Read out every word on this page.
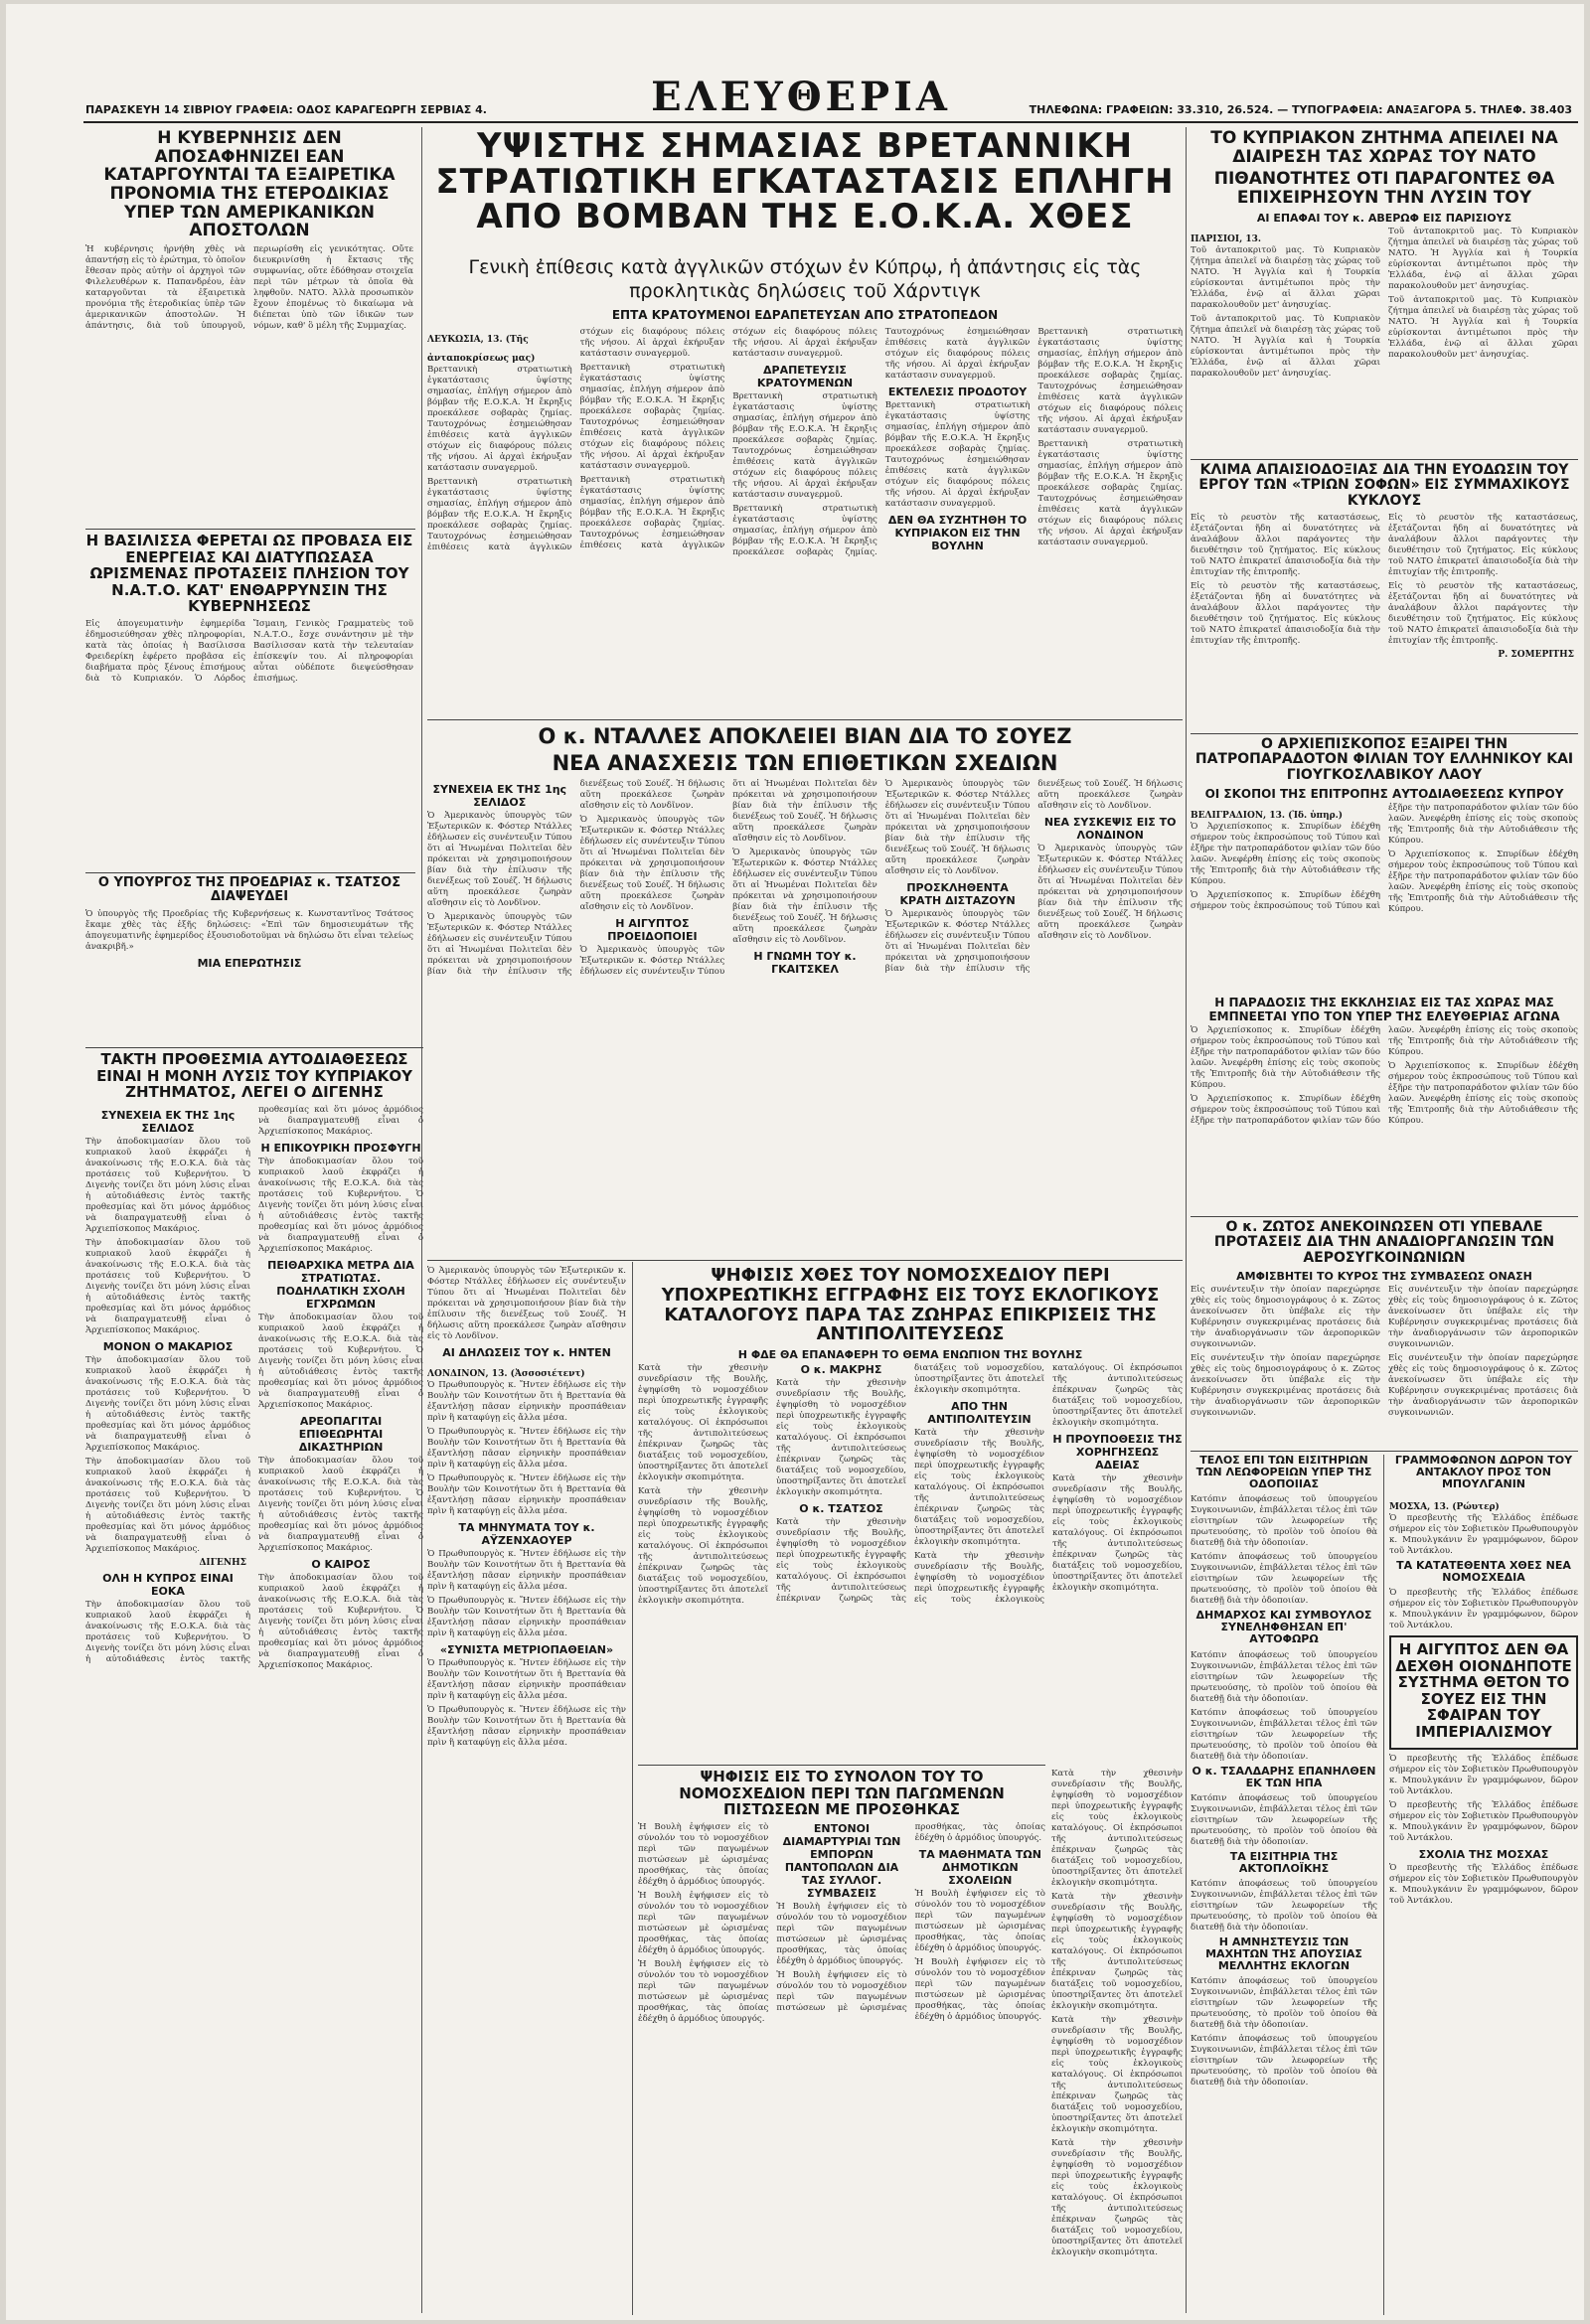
ΕΛΕΥΘΕΡΙΑ
ΠΑΡΑΣΚΕΥΗ 14 ΣΙΒΡΙΟΥ ΓΡΑΦΕΙΑ: ΟΔΟΣ ΚΑΡΑΓΕΩΡΓΗ ΣΕΡΒΙΑΣ 4.	ΤΗΛΕΦΩΝΑ: ΓΡΑΦΕΙΩΝ: 33.310, 26.524. — ΤΥΠΟΓΡΑΦΕΙΑ: ΑΝΑΞΑΓΟΡΑ 5. ΤΗΛΕΦ. 38.403
Η ΚΥΒΕΡΝΗΣΙΣ ΔΕΝ ΑΠΟΣΑΦΗΝΙΖΕΙ ΕΑΝ ΚΑΤΑΡΓΟΥΝΤΑΙ ΤΑ ΕΞΑΙΡΕΤΙΚΑ ΠΡΟΝΟΜΙΑ ΤΗΣ ΕΤΕΡΟΔΙΚΙΑΣ ΥΠΕΡ ΤΩΝ ΑΜΕΡΙΚΑΝΙΚΩΝ ΑΠΟΣΤΟΛΩΝ

Ἡ κυβέρνησις ἠρνήθη χθὲς νὰ ἀπαντήσῃ εἰς τὸ ἐρώτημα, τὸ ὁποῖον ἔθεσαν πρὸς αὐτὴν οἱ ἀρχηγοὶ τῶν Φιλελευθέρων κ. Παπανδρέου, ἐὰν καταργοῦνται τὰ ἐξαιρετικὰ προνόμια τῆς ἑτεροδικίας ὑπὲρ τῶν ἀμερικανικῶν ἀποστολῶν. Ἡ ἀπάντησις, διὰ τοῦ ὑπουργοῦ, περιωρίσθη εἰς γενικότητας. Οὔτε διευκρινίσθη ἡ ἔκτασις τῆς συμφωνίας, οὔτε ἐδόθησαν στοιχεῖα περὶ τῶν μέτρων τὰ ὁποῖα θὰ ληφθοῦν. ΝΑΤΟ. Ἀλλὰ προσωπικὸν ἔχουν ἐπομένως τὸ δικαίωμα νὰ διέπεται ὑπὸ τῶν ἰδικῶν των νόμων, καθ' ὃ μέλη τῆς Συμμαχίας.

Η ΒΑΣΙΛΙΣΣΑ ΦΕΡΕΤΑΙ ΩΣ ΠΡΟΒΑΣΑ ΕΙΣ ΕΝΕΡΓΕΙΑΣ ΚΑΙ ΔΙΑΤΥΠΩΣΑΣΑ ΩΡΙΣΜΕΝΑΣ ΠΡΟΤΑΣΕΙΣ ΠΛΗΣΙΟΝ ΤΟΥ Ν.Α.Τ.Ο. ΚΑΤ' ΕΝΘΑΡΡΥΝΣΙΝ ΤΗΣ ΚΥΒΕΡΝΗΣΕΩΣ

Εἰς ἀπογευματινὴν ἐφημερίδα ἐδημοσιεύθησαν χθὲς πληροφορίαι, κατὰ τὰς ὁποίας ἡ Βασίλισσα Φρειδερίκη ἐφέρετο προβᾶσα εἰς διαβήματα πρὸς ξένους ἐπισήμους διὰ τὸ Κυπριακόν. Ὁ Λόρδος Ἴσμαιη, Γενικὸς Γραμματεὺς τοῦ Ν.Α.Τ.Ο., ἔσχε συνάντησιν μὲ τὴν Βασίλισσαν κατὰ τὴν τελευταίαν ἐπίσκεψίν του. Αἱ πληροφορίαι αὗται οὐδέποτε διεψεύσθησαν ἐπισήμως.

Ο ΥΠΟΥΡΓΟΣ ΤΗΣ ΠΡΟΕΔΡΙΑΣ κ. ΤΣΑΤΣΟΣ ΔΙΑΨΕΥΔΕΙ

Ὁ ὑπουργὸς τῆς Προεδρίας τῆς Κυβερνήσεως κ. Κωνσταντῖνος Τσάτσος ἔκαμε χθὲς τὰς ἑξῆς δηλώσεις: «Ἐπὶ τῶν δημοσιευμάτων τῆς ἀπογευματινῆς ἐφημερίδος ἐξουσιοδοτοῦμαι νὰ δηλώσω ὅτι εἶναι τελείως ἀνακριβῆ.»

ΜΙΑ ΕΠΕΡΩΤΗΣΙΣ
ΤΑΚΤΗ ΠΡΟΘΕΣΜΙΑ ΑΥΤΟΔΙΑΘΕΣΕΩΣ ΕΙΝΑΙ Η ΜΟΝΗ ΛΥΣΙΣ ΤΟΥ ΚΥΠΡΙΑΚΟΥ ΖΗΤΗΜΑΤΟΣ, ΛΕΓΕΙ Ο ΔΙΓΕΝΗΣ
ΣΥΝΕΧΕΙΑ ΕΚ ΤΗΣ 1ης ΣΕΛΙΔΟΣ

Τὴν ἀποδοκιμασίαν ὅλου τοῦ κυπριακοῦ λαοῦ ἐκφράζει ἡ ἀνακοίνωσις τῆς Ε.Ο.Κ.Α. διὰ τὰς προτάσεις τοῦ Κυβερνήτου. Ὁ Διγενὴς τονίζει ὅτι μόνη λύσις εἶναι ἡ αὐτοδιάθεσις ἐντὸς τακτῆς προθεσμίας καὶ ὅτι μόνος ἁρμόδιος νὰ διαπραγματευθῇ εἶναι ὁ Ἀρχιεπίσκοπος Μακάριος.

Τὴν ἀποδοκιμασίαν ὅλου τοῦ κυπριακοῦ λαοῦ ἐκφράζει ἡ ἀνακοίνωσις τῆς Ε.Ο.Κ.Α. διὰ τὰς προτάσεις τοῦ Κυβερνήτου. Ὁ Διγενὴς τονίζει ὅτι μόνη λύσις εἶναι ἡ αὐτοδιάθεσις ἐντὸς τακτῆς προθεσμίας καὶ ὅτι μόνος ἁρμόδιος νὰ διαπραγματευθῇ εἶναι ὁ Ἀρχιεπίσκοπος Μακάριος.

ΜΟΝΟΝ Ο ΜΑΚΑΡΙΟΣ

Τὴν ἀποδοκιμασίαν ὅλου τοῦ κυπριακοῦ λαοῦ ἐκφράζει ἡ ἀνακοίνωσις τῆς Ε.Ο.Κ.Α. διὰ τὰς προτάσεις τοῦ Κυβερνήτου. Ὁ Διγενὴς τονίζει ὅτι μόνη λύσις εἶναι ἡ αὐτοδιάθεσις ἐντὸς τακτῆς προθεσμίας καὶ ὅτι μόνος ἁρμόδιος νὰ διαπραγματευθῇ εἶναι ὁ Ἀρχιεπίσκοπος Μακάριος.

Τὴν ἀποδοκιμασίαν ὅλου τοῦ κυπριακοῦ λαοῦ ἐκφράζει ἡ ἀνακοίνωσις τῆς Ε.Ο.Κ.Α. διὰ τὰς προτάσεις τοῦ Κυβερνήτου. Ὁ Διγενὴς τονίζει ὅτι μόνη λύσις εἶναι ἡ αὐτοδιάθεσις ἐντὸς τακτῆς προθεσμίας καὶ ὅτι μόνος ἁρμόδιος νὰ διαπραγματευθῇ εἶναι ὁ Ἀρχιεπίσκοπος Μακάριος.

ΔΙΓΕΝΗΣ
ΟΛΗ Η ΚΥΠΡΟΣ ΕΙΝΑΙ ΕΟΚΑ

Τὴν ἀποδοκιμασίαν ὅλου τοῦ κυπριακοῦ λαοῦ ἐκφράζει ἡ ἀνακοίνωσις τῆς Ε.Ο.Κ.Α. διὰ τὰς προτάσεις τοῦ Κυβερνήτου. Ὁ Διγενὴς τονίζει ὅτι μόνη λύσις εἶναι ἡ αὐτοδιάθεσις ἐντὸς τακτῆς προθεσμίας καὶ ὅτι μόνος ἁρμόδιος νὰ διαπραγματευθῇ εἶναι ὁ Ἀρχιεπίσκοπος Μακάριος.

Η ΕΠΙΚΟΥΡΙΚΗ ΠΡΟΣΦΥΓΗ

Τὴν ἀποδοκιμασίαν ὅλου τοῦ κυπριακοῦ λαοῦ ἐκφράζει ἡ ἀνακοίνωσις τῆς Ε.Ο.Κ.Α. διὰ τὰς προτάσεις τοῦ Κυβερνήτου. Ὁ Διγενὴς τονίζει ὅτι μόνη λύσις εἶναι ἡ αὐτοδιάθεσις ἐντὸς τακτῆς προθεσμίας καὶ ὅτι μόνος ἁρμόδιος νὰ διαπραγματευθῇ εἶναι ὁ Ἀρχιεπίσκοπος Μακάριος.

ΠΕΙΘΑΡΧΙΚΑ ΜΕΤΡΑ ΔΙΑ ΣΤΡΑΤΙΩΤΑΣ. ΠΟΔΗΛΑΤΙΚΗ ΣΧΟΛΗ ΕΓΧΡΩΜΩΝ

Τὴν ἀποδοκιμασίαν ὅλου τοῦ κυπριακοῦ λαοῦ ἐκφράζει ἡ ἀνακοίνωσις τῆς Ε.Ο.Κ.Α. διὰ τὰς προτάσεις τοῦ Κυβερνήτου. Ὁ Διγενὴς τονίζει ὅτι μόνη λύσις εἶναι ἡ αὐτοδιάθεσις ἐντὸς τακτῆς προθεσμίας καὶ ὅτι μόνος ἁρμόδιος νὰ διαπραγματευθῇ εἶναι ὁ Ἀρχιεπίσκοπος Μακάριος.

ΑΡΕΟΠΑΓΙΤΑΙ ΕΠΙΘΕΩΡΗΤΑΙ ΔΙΚΑΣΤΗΡΙΩΝ

Τὴν ἀποδοκιμασίαν ὅλου τοῦ κυπριακοῦ λαοῦ ἐκφράζει ἡ ἀνακοίνωσις τῆς Ε.Ο.Κ.Α. διὰ τὰς προτάσεις τοῦ Κυβερνήτου. Ὁ Διγενὴς τονίζει ὅτι μόνη λύσις εἶναι ἡ αὐτοδιάθεσις ἐντὸς τακτῆς προθεσμίας καὶ ὅτι μόνος ἁρμόδιος νὰ διαπραγματευθῇ εἶναι ὁ Ἀρχιεπίσκοπος Μακάριος.

Ο ΚΑΙΡΟΣ

Τὴν ἀποδοκιμασίαν ὅλου τοῦ κυπριακοῦ λαοῦ ἐκφράζει ἡ ἀνακοίνωσις τῆς Ε.Ο.Κ.Α. διὰ τὰς προτάσεις τοῦ Κυβερνήτου. Ὁ Διγενὴς τονίζει ὅτι μόνη λύσις εἶναι ἡ αὐτοδιάθεσις ἐντὸς τακτῆς προθεσμίας καὶ ὅτι μόνος ἁρμόδιος νὰ διαπραγματευθῇ εἶναι ὁ Ἀρχιεπίσκοπος Μακάριος.

ΥΨΙΣΤΗΣ ΣΗΜΑΣΙΑΣ ΒΡΕΤΑΝΝΙΚΗ ΣΤΡΑΤΙΩΤΙΚΗ ΕΓΚΑΤΑΣΤΑΣΙΣ ΕΠΛΗΓΗ ΑΠΟ ΒΟΜΒΑΝ ΤΗΣ Ε.Ο.Κ.Α. ΧΘΕΣ
Γενικὴ ἐπίθεσις κατὰ ἀγγλικῶν στόχων ἐν Κύπρῳ, ἡ ἀπάντησις εἰς τὰς προκλητικὰς δηλώσεις τοῦ Χάρντιγκ
ΕΠΤΑ ΚΡΑΤΟΥΜΕΝΟΙ ΕΔΡΑΠΕΤΕΥΣΑΝ ΑΠΟ ΣΤΡΑΤΟΠΕΔΟΝ
ΛΕΥΚΩΣΙΑ, 13. (Τῆς ἀνταποκρίσεως μας)

Βρεττανικὴ στρατιωτικὴ ἐγκατάστασις ὑψίστης σημασίας, ἐπλήγη σήμερον ἀπὸ βόμβαν τῆς Ε.Ο.Κ.Α. Ἡ ἔκρηξις προεκάλεσε σοβαρὰς ζημίας. Ταυτοχρόνως ἐσημειώθησαν ἐπιθέσεις κατὰ ἀγγλικῶν στόχων εἰς διαφόρους πόλεις τῆς νήσου. Αἱ ἀρχαὶ ἐκήρυξαν κατάστασιν συναγερμοῦ.

Βρεττανικὴ στρατιωτικὴ ἐγκατάστασις ὑψίστης σημασίας, ἐπλήγη σήμερον ἀπὸ βόμβαν τῆς Ε.Ο.Κ.Α. Ἡ ἔκρηξις προεκάλεσε σοβαρὰς ζημίας. Ταυτοχρόνως ἐσημειώθησαν ἐπιθέσεις κατὰ ἀγγλικῶν στόχων εἰς διαφόρους πόλεις τῆς νήσου. Αἱ ἀρχαὶ ἐκήρυξαν κατάστασιν συναγερμοῦ.

Βρεττανικὴ στρατιωτικὴ ἐγκατάστασις ὑψίστης σημασίας, ἐπλήγη σήμερον ἀπὸ βόμβαν τῆς Ε.Ο.Κ.Α. Ἡ ἔκρηξις προεκάλεσε σοβαρὰς ζημίας. Ταυτοχρόνως ἐσημειώθησαν ἐπιθέσεις κατὰ ἀγγλικῶν στόχων εἰς διαφόρους πόλεις τῆς νήσου. Αἱ ἀρχαὶ ἐκήρυξαν κατάστασιν συναγερμοῦ.

Βρεττανικὴ στρατιωτικὴ ἐγκατάστασις ὑψίστης σημασίας, ἐπλήγη σήμερον ἀπὸ βόμβαν τῆς Ε.Ο.Κ.Α. Ἡ ἔκρηξις προεκάλεσε σοβαρὰς ζημίας. Ταυτοχρόνως ἐσημειώθησαν ἐπιθέσεις κατὰ ἀγγλικῶν στόχων εἰς διαφόρους πόλεις τῆς νήσου. Αἱ ἀρχαὶ ἐκήρυξαν κατάστασιν συναγερμοῦ.

ΔΡΑΠΕΤΕΥΣΙΣ ΚΡΑΤΟΥΜΕΝΩΝ

Βρεττανικὴ στρατιωτικὴ ἐγκατάστασις ὑψίστης σημασίας, ἐπλήγη σήμερον ἀπὸ βόμβαν τῆς Ε.Ο.Κ.Α. Ἡ ἔκρηξις προεκάλεσε σοβαρὰς ζημίας. Ταυτοχρόνως ἐσημειώθησαν ἐπιθέσεις κατὰ ἀγγλικῶν στόχων εἰς διαφόρους πόλεις τῆς νήσου. Αἱ ἀρχαὶ ἐκήρυξαν κατάστασιν συναγερμοῦ.

Βρεττανικὴ στρατιωτικὴ ἐγκατάστασις ὑψίστης σημασίας, ἐπλήγη σήμερον ἀπὸ βόμβαν τῆς Ε.Ο.Κ.Α. Ἡ ἔκρηξις προεκάλεσε σοβαρὰς ζημίας. Ταυτοχρόνως ἐσημειώθησαν ἐπιθέσεις κατὰ ἀγγλικῶν στόχων εἰς διαφόρους πόλεις τῆς νήσου. Αἱ ἀρχαὶ ἐκήρυξαν κατάστασιν συναγερμοῦ.

ΕΚΤΕΛΕΣΙΣ ΠΡΟΔΟΤΟΥ

Βρεττανικὴ στρατιωτικὴ ἐγκατάστασις ὑψίστης σημασίας, ἐπλήγη σήμερον ἀπὸ βόμβαν τῆς Ε.Ο.Κ.Α. Ἡ ἔκρηξις προεκάλεσε σοβαρὰς ζημίας. Ταυτοχρόνως ἐσημειώθησαν ἐπιθέσεις κατὰ ἀγγλικῶν στόχων εἰς διαφόρους πόλεις τῆς νήσου. Αἱ ἀρχαὶ ἐκήρυξαν κατάστασιν συναγερμοῦ.

ΔΕΝ ΘΑ ΣΥΖΗΤΗΘΗ ΤΟ ΚΥΠΡΙΑΚΟΝ ΕΙΣ ΤΗΝ ΒΟΥΛΗΝ

Βρεττανικὴ στρατιωτικὴ ἐγκατάστασις ὑψίστης σημασίας, ἐπλήγη σήμερον ἀπὸ βόμβαν τῆς Ε.Ο.Κ.Α. Ἡ ἔκρηξις προεκάλεσε σοβαρὰς ζημίας. Ταυτοχρόνως ἐσημειώθησαν ἐπιθέσεις κατὰ ἀγγλικῶν στόχων εἰς διαφόρους πόλεις τῆς νήσου. Αἱ ἀρχαὶ ἐκήρυξαν κατάστασιν συναγερμοῦ.

Βρεττανικὴ στρατιωτικὴ ἐγκατάστασις ὑψίστης σημασίας, ἐπλήγη σήμερον ἀπὸ βόμβαν τῆς Ε.Ο.Κ.Α. Ἡ ἔκρηξις προεκάλεσε σοβαρὰς ζημίας. Ταυτοχρόνως ἐσημειώθησαν ἐπιθέσεις κατὰ ἀγγλικῶν στόχων εἰς διαφόρους πόλεις τῆς νήσου. Αἱ ἀρχαὶ ἐκήρυξαν κατάστασιν συναγερμοῦ.

Ο κ. ΝΤΑΛΛΕΣ ΑΠΟΚΛΕΙΕΙ ΒΙΑΝ ΔΙΑ ΤΟ ΣΟΥΕΖ
ΝΕΑ ΑΝΑΣΧΕΣΙΣ ΤΩΝ ΕΠΙΘΕΤΙΚΩΝ ΣΧΕΔΙΩΝ
ΣΥΝΕΧΕΙΑ ΕΚ ΤΗΣ 1ης ΣΕΛΙΔΟΣ

Ὁ Ἀμερικανὸς ὑπουργὸς τῶν Ἐξωτερικῶν κ. Φόστερ Ντάλλες ἐδήλωσεν εἰς συνέντευξιν Τύπου ὅτι αἱ Ἡνωμέναι Πολιτεῖαι δὲν πρόκειται νὰ χρησιμοποιήσουν βίαν διὰ τὴν ἐπίλυσιν τῆς διενέξεως τοῦ Σουέζ. Ἡ δήλωσις αὕτη προεκάλεσε ζωηρὰν αἴσθησιν εἰς τὸ Λονδῖνον.

Ὁ Ἀμερικανὸς ὑπουργὸς τῶν Ἐξωτερικῶν κ. Φόστερ Ντάλλες ἐδήλωσεν εἰς συνέντευξιν Τύπου ὅτι αἱ Ἡνωμέναι Πολιτεῖαι δὲν πρόκειται νὰ χρησιμοποιήσουν βίαν διὰ τὴν ἐπίλυσιν τῆς διενέξεως τοῦ Σουέζ. Ἡ δήλωσις αὕτη προεκάλεσε ζωηρὰν αἴσθησιν εἰς τὸ Λονδῖνον.

Ὁ Ἀμερικανὸς ὑπουργὸς τῶν Ἐξωτερικῶν κ. Φόστερ Ντάλλες ἐδήλωσεν εἰς συνέντευξιν Τύπου ὅτι αἱ Ἡνωμέναι Πολιτεῖαι δὲν πρόκειται νὰ χρησιμοποιήσουν βίαν διὰ τὴν ἐπίλυσιν τῆς διενέξεως τοῦ Σουέζ. Ἡ δήλωσις αὕτη προεκάλεσε ζωηρὰν αἴσθησιν εἰς τὸ Λονδῖνον.

Η ΑΙΓΥΠΤΟΣ ΠΡΟΕΙΔΟΠΟΙΕΙ

Ὁ Ἀμερικανὸς ὑπουργὸς τῶν Ἐξωτερικῶν κ. Φόστερ Ντάλλες ἐδήλωσεν εἰς συνέντευξιν Τύπου ὅτι αἱ Ἡνωμέναι Πολιτεῖαι δὲν πρόκειται νὰ χρησιμοποιήσουν βίαν διὰ τὴν ἐπίλυσιν τῆς διενέξεως τοῦ Σουέζ. Ἡ δήλωσις αὕτη προεκάλεσε ζωηρὰν αἴσθησιν εἰς τὸ Λονδῖνον.

Ὁ Ἀμερικανὸς ὑπουργὸς τῶν Ἐξωτερικῶν κ. Φόστερ Ντάλλες ἐδήλωσεν εἰς συνέντευξιν Τύπου ὅτι αἱ Ἡνωμέναι Πολιτεῖαι δὲν πρόκειται νὰ χρησιμοποιήσουν βίαν διὰ τὴν ἐπίλυσιν τῆς διενέξεως τοῦ Σουέζ. Ἡ δήλωσις αὕτη προεκάλεσε ζωηρὰν αἴσθησιν εἰς τὸ Λονδῖνον.

Η ΓΝΩΜΗ ΤΟΥ κ. ΓΚΑΙΤΣΚΕΛ

Ὁ Ἀμερικανὸς ὑπουργὸς τῶν Ἐξωτερικῶν κ. Φόστερ Ντάλλες ἐδήλωσεν εἰς συνέντευξιν Τύπου ὅτι αἱ Ἡνωμέναι Πολιτεῖαι δὲν πρόκειται νὰ χρησιμοποιήσουν βίαν διὰ τὴν ἐπίλυσιν τῆς διενέξεως τοῦ Σουέζ. Ἡ δήλωσις αὕτη προεκάλεσε ζωηρὰν αἴσθησιν εἰς τὸ Λονδῖνον.

ΠΡΟΣΚΛΗΘΕΝΤΑ ΚΡΑΤΗ ΔΙΣΤΑΖΟΥΝ

Ὁ Ἀμερικανὸς ὑπουργὸς τῶν Ἐξωτερικῶν κ. Φόστερ Ντάλλες ἐδήλωσεν εἰς συνέντευξιν Τύπου ὅτι αἱ Ἡνωμέναι Πολιτεῖαι δὲν πρόκειται νὰ χρησιμοποιήσουν βίαν διὰ τὴν ἐπίλυσιν τῆς διενέξεως τοῦ Σουέζ. Ἡ δήλωσις αὕτη προεκάλεσε ζωηρὰν αἴσθησιν εἰς τὸ Λονδῖνον.

ΝΕΑ ΣΥΣΚΕΨΙΣ ΕΙΣ ΤΟ ΛΟΝΔΙΝΟΝ

Ὁ Ἀμερικανὸς ὑπουργὸς τῶν Ἐξωτερικῶν κ. Φόστερ Ντάλλες ἐδήλωσεν εἰς συνέντευξιν Τύπου ὅτι αἱ Ἡνωμέναι Πολιτεῖαι δὲν πρόκειται νὰ χρησιμοποιήσουν βίαν διὰ τὴν ἐπίλυσιν τῆς διενέξεως τοῦ Σουέζ. Ἡ δήλωσις αὕτη προεκάλεσε ζωηρὰν αἴσθησιν εἰς τὸ Λονδῖνον.

Ὁ Ἀμερικανὸς ὑπουργὸς τῶν Ἐξωτερικῶν κ. Φόστερ Ντάλλες ἐδήλωσεν εἰς συνέντευξιν Τύπου ὅτι αἱ Ἡνωμέναι Πολιτεῖαι δὲν πρόκειται νὰ χρησιμοποιήσουν βίαν διὰ τὴν ἐπίλυσιν τῆς διενέξεως τοῦ Σουέζ. Ἡ δήλωσις αὕτη προεκάλεσε ζωηρὰν αἴσθησιν εἰς τὸ Λονδῖνον.

ΑΙ ΔΗΛΩΣΕΙΣ ΤΟΥ κ. ΗΝΤΕΝ
ΛΟΝΔΙΝΟΝ, 13. (Ἀσσοσιέτεντ)

Ὁ Πρωθυπουργὸς κ. Ἤντεν ἐδήλωσε εἰς τὴν Βουλὴν τῶν Κοινοτήτων ὅτι ἡ Βρεττανία θὰ ἐξαντλήσῃ πᾶσαν εἰρηνικὴν προσπάθειαν πρὶν ἢ καταφύγῃ εἰς ἄλλα μέσα.

Ὁ Πρωθυπουργὸς κ. Ἤντεν ἐδήλωσε εἰς τὴν Βουλὴν τῶν Κοινοτήτων ὅτι ἡ Βρεττανία θὰ ἐξαντλήσῃ πᾶσαν εἰρηνικὴν προσπάθειαν πρὶν ἢ καταφύγῃ εἰς ἄλλα μέσα.

Ὁ Πρωθυπουργὸς κ. Ἤντεν ἐδήλωσε εἰς τὴν Βουλὴν τῶν Κοινοτήτων ὅτι ἡ Βρεττανία θὰ ἐξαντλήσῃ πᾶσαν εἰρηνικὴν προσπάθειαν πρὶν ἢ καταφύγῃ εἰς ἄλλα μέσα.

ΤΑ ΜΗΝΥΜΑΤΑ ΤΟΥ κ. ΑΫΖΕΝΧΑΟΥΕΡ

Ὁ Πρωθυπουργὸς κ. Ἤντεν ἐδήλωσε εἰς τὴν Βουλὴν τῶν Κοινοτήτων ὅτι ἡ Βρεττανία θὰ ἐξαντλήσῃ πᾶσαν εἰρηνικὴν προσπάθειαν πρὶν ἢ καταφύγῃ εἰς ἄλλα μέσα.

Ὁ Πρωθυπουργὸς κ. Ἤντεν ἐδήλωσε εἰς τὴν Βουλὴν τῶν Κοινοτήτων ὅτι ἡ Βρεττανία θὰ ἐξαντλήσῃ πᾶσαν εἰρηνικὴν προσπάθειαν πρὶν ἢ καταφύγῃ εἰς ἄλλα μέσα.

«ΣΥΝΙΣΤΑ ΜΕΤΡΙΟΠΑΘΕΙΑΝ»

Ὁ Πρωθυπουργὸς κ. Ἤντεν ἐδήλωσε εἰς τὴν Βουλὴν τῶν Κοινοτήτων ὅτι ἡ Βρεττανία θὰ ἐξαντλήσῃ πᾶσαν εἰρηνικὴν προσπάθειαν πρὶν ἢ καταφύγῃ εἰς ἄλλα μέσα.

Ὁ Πρωθυπουργὸς κ. Ἤντεν ἐδήλωσε εἰς τὴν Βουλὴν τῶν Κοινοτήτων ὅτι ἡ Βρεττανία θὰ ἐξαντλήσῃ πᾶσαν εἰρηνικὴν προσπάθειαν πρὶν ἢ καταφύγῃ εἰς ἄλλα μέσα.

ΨΗΦΙΣΙΣ ΧΘΕΣ ΤΟΥ ΝΟΜΟΣΧΕΔΙΟΥ ΠΕΡΙ ΥΠΟΧΡΕΩΤΙΚΗΣ ΕΓΓΡΑΦΗΣ ΕΙΣ ΤΟΥΣ ΕΚΛΟΓΙΚΟΥΣ ΚΑΤΑΛΟΓΟΥΣ ΠΑΡΑ ΤΑΣ ΖΩΗΡΑΣ ΕΠΙΚΡΙΣΕΙΣ ΤΗΣ ΑΝΤΙΠΟΛΙΤΕΥΣΕΩΣ
Η ΦΔΕ ΘΑ ΕΠΑΝΑΦΕΡΗ ΤΟ ΘΕΜΑ ΕΝΩΠΙΟΝ ΤΗΣ ΒΟΥΛΗΣ

Κατὰ τὴν χθεσινὴν συνεδρίασιν τῆς Βουλῆς, ἐψηφίσθη τὸ νομοσχέδιον περὶ ὑποχρεωτικῆς ἐγγραφῆς εἰς τοὺς ἐκλογικοὺς καταλόγους. Οἱ ἐκπρόσωποι τῆς ἀντιπολιτεύσεως ἐπέκριναν ζωηρῶς τὰς διατάξεις τοῦ νομοσχεδίου, ὑποστηρίξαντες ὅτι ἀποτελεῖ ἐκλογικὴν σκοπιμότητα.

Κατὰ τὴν χθεσινὴν συνεδρίασιν τῆς Βουλῆς, ἐψηφίσθη τὸ νομοσχέδιον περὶ ὑποχρεωτικῆς ἐγγραφῆς εἰς τοὺς ἐκλογικοὺς καταλόγους. Οἱ ἐκπρόσωποι τῆς ἀντιπολιτεύσεως ἐπέκριναν ζωηρῶς τὰς διατάξεις τοῦ νομοσχεδίου, ὑποστηρίξαντες ὅτι ἀποτελεῖ ἐκλογικὴν σκοπιμότητα.

Ο κ. ΜΑΚΡΗΣ

Κατὰ τὴν χθεσινὴν συνεδρίασιν τῆς Βουλῆς, ἐψηφίσθη τὸ νομοσχέδιον περὶ ὑποχρεωτικῆς ἐγγραφῆς εἰς τοὺς ἐκλογικοὺς καταλόγους. Οἱ ἐκπρόσωποι τῆς ἀντιπολιτεύσεως ἐπέκριναν ζωηρῶς τὰς διατάξεις τοῦ νομοσχεδίου, ὑποστηρίξαντες ὅτι ἀποτελεῖ ἐκλογικὴν σκοπιμότητα.

Ο κ. ΤΣΑΤΣΟΣ

Κατὰ τὴν χθεσινὴν συνεδρίασιν τῆς Βουλῆς, ἐψηφίσθη τὸ νομοσχέδιον περὶ ὑποχρεωτικῆς ἐγγραφῆς εἰς τοὺς ἐκλογικοὺς καταλόγους. Οἱ ἐκπρόσωποι τῆς ἀντιπολιτεύσεως ἐπέκριναν ζωηρῶς τὰς διατάξεις τοῦ νομοσχεδίου, ὑποστηρίξαντες ὅτι ἀποτελεῖ ἐκλογικὴν σκοπιμότητα.

ΑΠΟ ΤΗΝ ΑΝΤΙΠΟΛΙΤΕΥΣΙΝ

Κατὰ τὴν χθεσινὴν συνεδρίασιν τῆς Βουλῆς, ἐψηφίσθη τὸ νομοσχέδιον περὶ ὑποχρεωτικῆς ἐγγραφῆς εἰς τοὺς ἐκλογικοὺς καταλόγους. Οἱ ἐκπρόσωποι τῆς ἀντιπολιτεύσεως ἐπέκριναν ζωηρῶς τὰς διατάξεις τοῦ νομοσχεδίου, ὑποστηρίξαντες ὅτι ἀποτελεῖ ἐκλογικὴν σκοπιμότητα.

Κατὰ τὴν χθεσινὴν συνεδρίασιν τῆς Βουλῆς, ἐψηφίσθη τὸ νομοσχέδιον περὶ ὑποχρεωτικῆς ἐγγραφῆς εἰς τοὺς ἐκλογικοὺς καταλόγους. Οἱ ἐκπρόσωποι τῆς ἀντιπολιτεύσεως ἐπέκριναν ζωηρῶς τὰς διατάξεις τοῦ νομοσχεδίου, ὑποστηρίξαντες ὅτι ἀποτελεῖ ἐκλογικὴν σκοπιμότητα.

Η ΠΡΟΥΠΟΘΕΣΙΣ ΤΗΣ ΧΟΡΗΓΗΣΕΩΣ ΑΔΕΙΑΣ

Κατὰ τὴν χθεσινὴν συνεδρίασιν τῆς Βουλῆς, ἐψηφίσθη τὸ νομοσχέδιον περὶ ὑποχρεωτικῆς ἐγγραφῆς εἰς τοὺς ἐκλογικοὺς καταλόγους. Οἱ ἐκπρόσωποι τῆς ἀντιπολιτεύσεως ἐπέκριναν ζωηρῶς τὰς διατάξεις τοῦ νομοσχεδίου, ὑποστηρίξαντες ὅτι ἀποτελεῖ ἐκλογικὴν σκοπιμότητα.

ΨΗΦΙΣΙΣ ΕΙΣ ΤΟ ΣΥΝΟΛΟΝ ΤΟΥ ΤΟ ΝΟΜΟΣΧΕΔΙΟΝ ΠΕΡΙ ΤΩΝ ΠΑΓΩΜΕΝΩΝ ΠΙΣΤΩΣΕΩΝ ΜΕ ΠΡΟΣΘΗΚΑΣ

Ἡ Βουλὴ ἐψήφισεν εἰς τὸ σύνολόν του τὸ νομοσχέδιον περὶ τῶν παγωμένων πιστώσεων μὲ ὡρισμένας προσθήκας, τὰς ὁποίας ἐδέχθη ὁ ἁρμόδιος ὑπουργός.

Ἡ Βουλὴ ἐψήφισεν εἰς τὸ σύνολόν του τὸ νομοσχέδιον περὶ τῶν παγωμένων πιστώσεων μὲ ὡρισμένας προσθήκας, τὰς ὁποίας ἐδέχθη ὁ ἁρμόδιος ὑπουργός.

Ἡ Βουλὴ ἐψήφισεν εἰς τὸ σύνολόν του τὸ νομοσχέδιον περὶ τῶν παγωμένων πιστώσεων μὲ ὡρισμένας προσθήκας, τὰς ὁποίας ἐδέχθη ὁ ἁρμόδιος ὑπουργός.

ΕΝΤΟΝΟΙ ΔΙΑΜΑΡΤΥΡΙΑΙ ΤΩΝ ΕΜΠΟΡΩΝ ΠΑΝΤΟΠΩΛΩΝ ΔΙΑ ΤΑΣ ΣΥΛΛΟΓ. ΣΥΜΒΑΣΕΙΣ

Ἡ Βουλὴ ἐψήφισεν εἰς τὸ σύνολόν του τὸ νομοσχέδιον περὶ τῶν παγωμένων πιστώσεων μὲ ὡρισμένας προσθήκας, τὰς ὁποίας ἐδέχθη ὁ ἁρμόδιος ὑπουργός.

Ἡ Βουλὴ ἐψήφισεν εἰς τὸ σύνολόν του τὸ νομοσχέδιον περὶ τῶν παγωμένων πιστώσεων μὲ ὡρισμένας προσθήκας, τὰς ὁποίας ἐδέχθη ὁ ἁρμόδιος ὑπουργός.

ΤΑ ΜΑΘΗΜΑΤΑ ΤΩΝ ΔΗΜΟΤΙΚΩΝ ΣΧΟΛΕΙΩΝ

Ἡ Βουλὴ ἐψήφισεν εἰς τὸ σύνολόν του τὸ νομοσχέδιον περὶ τῶν παγωμένων πιστώσεων μὲ ὡρισμένας προσθήκας, τὰς ὁποίας ἐδέχθη ὁ ἁρμόδιος ὑπουργός.

Ἡ Βουλὴ ἐψήφισεν εἰς τὸ σύνολόν του τὸ νομοσχέδιον περὶ τῶν παγωμένων πιστώσεων μὲ ὡρισμένας προσθήκας, τὰς ὁποίας ἐδέχθη ὁ ἁρμόδιος ὑπουργός.

Κατὰ τὴν χθεσινὴν συνεδρίασιν τῆς Βουλῆς, ἐψηφίσθη τὸ νομοσχέδιον περὶ ὑποχρεωτικῆς ἐγγραφῆς εἰς τοὺς ἐκλογικοὺς καταλόγους. Οἱ ἐκπρόσωποι τῆς ἀντιπολιτεύσεως ἐπέκριναν ζωηρῶς τὰς διατάξεις τοῦ νομοσχεδίου, ὑποστηρίξαντες ὅτι ἀποτελεῖ ἐκλογικὴν σκοπιμότητα.

Κατὰ τὴν χθεσινὴν συνεδρίασιν τῆς Βουλῆς, ἐψηφίσθη τὸ νομοσχέδιον περὶ ὑποχρεωτικῆς ἐγγραφῆς εἰς τοὺς ἐκλογικοὺς καταλόγους. Οἱ ἐκπρόσωποι τῆς ἀντιπολιτεύσεως ἐπέκριναν ζωηρῶς τὰς διατάξεις τοῦ νομοσχεδίου, ὑποστηρίξαντες ὅτι ἀποτελεῖ ἐκλογικὴν σκοπιμότητα.

Κατὰ τὴν χθεσινὴν συνεδρίασιν τῆς Βουλῆς, ἐψηφίσθη τὸ νομοσχέδιον περὶ ὑποχρεωτικῆς ἐγγραφῆς εἰς τοὺς ἐκλογικοὺς καταλόγους. Οἱ ἐκπρόσωποι τῆς ἀντιπολιτεύσεως ἐπέκριναν ζωηρῶς τὰς διατάξεις τοῦ νομοσχεδίου, ὑποστηρίξαντες ὅτι ἀποτελεῖ ἐκλογικὴν σκοπιμότητα.

Κατὰ τὴν χθεσινὴν συνεδρίασιν τῆς Βουλῆς, ἐψηφίσθη τὸ νομοσχέδιον περὶ ὑποχρεωτικῆς ἐγγραφῆς εἰς τοὺς ἐκλογικοὺς καταλόγους. Οἱ ἐκπρόσωποι τῆς ἀντιπολιτεύσεως ἐπέκριναν ζωηρῶς τὰς διατάξεις τοῦ νομοσχεδίου, ὑποστηρίξαντες ὅτι ἀποτελεῖ ἐκλογικὴν σκοπιμότητα.

ΤΟ ΚΥΠΡΙΑΚΟΝ ΖΗΤΗΜΑ ΑΠΕΙΛΕΙ ΝΑ ΔΙΑΙΡΕΣΗ ΤΑΣ ΧΩΡΑΣ ΤΟΥ ΝΑΤΟ
ΠΙΘΑΝΟΤΗΤΕΣ ΟΤΙ ΠΑΡΑΓΟΝΤΕΣ ΘΑ ΕΠΙΧΕΙΡΗΣΟΥΝ ΤΗΝ ΛΥΣΙΝ ΤΟΥ
ΑΙ ΕΠΑΦΑΙ ΤΟΥ κ. ΑΒΕΡΩΦ ΕΙΣ ΠΑΡΙΣΙΟΥΣ
ΠΑΡΙΣΙΟΙ, 13.

Τοῦ ἀνταποκριτοῦ μας. Τὸ Κυπριακὸν ζήτημα ἀπειλεῖ νὰ διαιρέσῃ τὰς χώρας τοῦ ΝΑΤΟ. Ἡ Ἀγγλία καὶ ἡ Τουρκία εὑρίσκονται ἀντιμέτωποι πρὸς τὴν Ἑλλάδα, ἐνῷ αἱ ἄλλαι χῶραι παρακολουθοῦν μετ' ἀνησυχίας.

Τοῦ ἀνταποκριτοῦ μας. Τὸ Κυπριακὸν ζήτημα ἀπειλεῖ νὰ διαιρέσῃ τὰς χώρας τοῦ ΝΑΤΟ. Ἡ Ἀγγλία καὶ ἡ Τουρκία εὑρίσκονται ἀντιμέτωποι πρὸς τὴν Ἑλλάδα, ἐνῷ αἱ ἄλλαι χῶραι παρακολουθοῦν μετ' ἀνησυχίας.

Τοῦ ἀνταποκριτοῦ μας. Τὸ Κυπριακὸν ζήτημα ἀπειλεῖ νὰ διαιρέσῃ τὰς χώρας τοῦ ΝΑΤΟ. Ἡ Ἀγγλία καὶ ἡ Τουρκία εὑρίσκονται ἀντιμέτωποι πρὸς τὴν Ἑλλάδα, ἐνῷ αἱ ἄλλαι χῶραι παρακολουθοῦν μετ' ἀνησυχίας.

Τοῦ ἀνταποκριτοῦ μας. Τὸ Κυπριακὸν ζήτημα ἀπειλεῖ νὰ διαιρέσῃ τὰς χώρας τοῦ ΝΑΤΟ. Ἡ Ἀγγλία καὶ ἡ Τουρκία εὑρίσκονται ἀντιμέτωποι πρὸς τὴν Ἑλλάδα, ἐνῷ αἱ ἄλλαι χῶραι παρακολουθοῦν μετ' ἀνησυχίας.

ΚΛΙΜΑ ΑΠΑΙΣΙΟΔΟΞΙΑΣ ΔΙΑ ΤΗΝ ΕΥΟΔΩΣΙΝ ΤΟΥ ΕΡΓΟΥ ΤΩΝ «ΤΡΙΩΝ ΣΟΦΩΝ» ΕΙΣ ΣΥΜΜΑΧΙΚΟΥΣ ΚΥΚΛΟΥΣ

Εἰς τὸ ρευστὸν τῆς καταστάσεως, ἐξετάζονται ἤδη αἱ δυνατότητες νὰ ἀναλάβουν ἄλλοι παράγοντες τὴν διευθέτησιν τοῦ ζητήματος. Εἰς κύκλους τοῦ ΝΑΤΟ ἐπικρατεῖ ἀπαισιοδοξία διὰ τὴν ἐπιτυχίαν τῆς ἐπιτροπῆς.

Εἰς τὸ ρευστὸν τῆς καταστάσεως, ἐξετάζονται ἤδη αἱ δυνατότητες νὰ ἀναλάβουν ἄλλοι παράγοντες τὴν διευθέτησιν τοῦ ζητήματος. Εἰς κύκλους τοῦ ΝΑΤΟ ἐπικρατεῖ ἀπαισιοδοξία διὰ τὴν ἐπιτυχίαν τῆς ἐπιτροπῆς.

Εἰς τὸ ρευστὸν τῆς καταστάσεως, ἐξετάζονται ἤδη αἱ δυνατότητες νὰ ἀναλάβουν ἄλλοι παράγοντες τὴν διευθέτησιν τοῦ ζητήματος. Εἰς κύκλους τοῦ ΝΑΤΟ ἐπικρατεῖ ἀπαισιοδοξία διὰ τὴν ἐπιτυχίαν τῆς ἐπιτροπῆς.

Εἰς τὸ ρευστὸν τῆς καταστάσεως, ἐξετάζονται ἤδη αἱ δυνατότητες νὰ ἀναλάβουν ἄλλοι παράγοντες τὴν διευθέτησιν τοῦ ζητήματος. Εἰς κύκλους τοῦ ΝΑΤΟ ἐπικρατεῖ ἀπαισιοδοξία διὰ τὴν ἐπιτυχίαν τῆς ἐπιτροπῆς.

Ρ. ΣΟΜΕΡΙΤΗΣ
Ο ΑΡΧΙΕΠΙΣΚΟΠΟΣ ΕΞΑΙΡΕΙ ΤΗΝ ΠΑΤΡΟΠΑΡΑΔΟΤΟΝ ΦΙΛΙΑΝ ΤΟΥ ΕΛΛΗΝΙΚΟΥ ΚΑΙ ΓΙΟΥΓΚΟΣΛΑΒΙΚΟΥ ΛΑΟΥ
ΟΙ ΣΚΟΠΟΙ ΤΗΣ ΕΠΙΤΡΟΠΗΣ ΑΥΤΟΔΙΑΘΕΣΕΩΣ ΚΥΠΡΟΥ
ΒΕΛΙΓΡΑΔΙΟΝ, 13. (Ἰδ. ὑπηρ.)

Ὁ Ἀρχιεπίσκοπος κ. Σπυρίδων ἐδέχθη σήμερον τοὺς ἐκπροσώπους τοῦ Τύπου καὶ ἐξῆρε τὴν πατροπαράδοτον φιλίαν τῶν δύο λαῶν. Ἀνεφέρθη ἐπίσης εἰς τοὺς σκοποὺς τῆς Ἐπιτροπῆς διὰ τὴν Αὐτοδιάθεσιν τῆς Κύπρου.

Ὁ Ἀρχιεπίσκοπος κ. Σπυρίδων ἐδέχθη σήμερον τοὺς ἐκπροσώπους τοῦ Τύπου καὶ ἐξῆρε τὴν πατροπαράδοτον φιλίαν τῶν δύο λαῶν. Ἀνεφέρθη ἐπίσης εἰς τοὺς σκοποὺς τῆς Ἐπιτροπῆς διὰ τὴν Αὐτοδιάθεσιν τῆς Κύπρου.

Ὁ Ἀρχιεπίσκοπος κ. Σπυρίδων ἐδέχθη σήμερον τοὺς ἐκπροσώπους τοῦ Τύπου καὶ ἐξῆρε τὴν πατροπαράδοτον φιλίαν τῶν δύο λαῶν. Ἀνεφέρθη ἐπίσης εἰς τοὺς σκοποὺς τῆς Ἐπιτροπῆς διὰ τὴν Αὐτοδιάθεσιν τῆς Κύπρου.

Η ΠΑΡΑΔΟΣΙΣ ΤΗΣ ΕΚΚΛΗΣΙΑΣ ΕΙΣ ΤΑΣ ΧΩΡΑΣ ΜΑΣ ΕΜΠΝΕΕΤΑΙ ΥΠΟ ΤΟΝ ΥΠΕΡ ΤΗΣ ΕΛΕΥΘΕΡΙΑΣ ΑΓΩΝΑ

Ὁ Ἀρχιεπίσκοπος κ. Σπυρίδων ἐδέχθη σήμερον τοὺς ἐκπροσώπους τοῦ Τύπου καὶ ἐξῆρε τὴν πατροπαράδοτον φιλίαν τῶν δύο λαῶν. Ἀνεφέρθη ἐπίσης εἰς τοὺς σκοποὺς τῆς Ἐπιτροπῆς διὰ τὴν Αὐτοδιάθεσιν τῆς Κύπρου.

Ὁ Ἀρχιεπίσκοπος κ. Σπυρίδων ἐδέχθη σήμερον τοὺς ἐκπροσώπους τοῦ Τύπου καὶ ἐξῆρε τὴν πατροπαράδοτον φιλίαν τῶν δύο λαῶν. Ἀνεφέρθη ἐπίσης εἰς τοὺς σκοποὺς τῆς Ἐπιτροπῆς διὰ τὴν Αὐτοδιάθεσιν τῆς Κύπρου.

Ὁ Ἀρχιεπίσκοπος κ. Σπυρίδων ἐδέχθη σήμερον τοὺς ἐκπροσώπους τοῦ Τύπου καὶ ἐξῆρε τὴν πατροπαράδοτον φιλίαν τῶν δύο λαῶν. Ἀνεφέρθη ἐπίσης εἰς τοὺς σκοποὺς τῆς Ἐπιτροπῆς διὰ τὴν Αὐτοδιάθεσιν τῆς Κύπρου.

Ο κ. ΖΩΤΟΣ ΑΝΕΚΟΙΝΩΣΕΝ ΟΤΙ ΥΠΕΒΑΛΕ ΠΡΟΤΑΣΕΙΣ ΔΙΑ ΤΗΝ ΑΝΑΔΙΟΡΓΑΝΩΣΙΝ ΤΩΝ ΑΕΡΟΣΥΓΚΟΙΝΩΝΙΩΝ
ΑΜΦΙΣΒΗΤΕΙ ΤΟ ΚΥΡΟΣ ΤΗΣ ΣΥΜΒΑΣΕΩΣ ΟΝΑΣΗ

Εἰς συνέντευξιν τὴν ὁποίαν παρεχώρησε χθὲς εἰς τοὺς δημοσιογράφους ὁ κ. Ζῶτος ἀνεκοίνωσεν ὅτι ὑπέβαλε εἰς τὴν Κυβέρνησιν συγκεκριμένας προτάσεις διὰ τὴν ἀναδιοργάνωσιν τῶν ἀεροπορικῶν συγκοινωνιῶν.

Εἰς συνέντευξιν τὴν ὁποίαν παρεχώρησε χθὲς εἰς τοὺς δημοσιογράφους ὁ κ. Ζῶτος ἀνεκοίνωσεν ὅτι ὑπέβαλε εἰς τὴν Κυβέρνησιν συγκεκριμένας προτάσεις διὰ τὴν ἀναδιοργάνωσιν τῶν ἀεροπορικῶν συγκοινωνιῶν.

Εἰς συνέντευξιν τὴν ὁποίαν παρεχώρησε χθὲς εἰς τοὺς δημοσιογράφους ὁ κ. Ζῶτος ἀνεκοίνωσεν ὅτι ὑπέβαλε εἰς τὴν Κυβέρνησιν συγκεκριμένας προτάσεις διὰ τὴν ἀναδιοργάνωσιν τῶν ἀεροπορικῶν συγκοινωνιῶν.

Εἰς συνέντευξιν τὴν ὁποίαν παρεχώρησε χθὲς εἰς τοὺς δημοσιογράφους ὁ κ. Ζῶτος ἀνεκοίνωσεν ὅτι ὑπέβαλε εἰς τὴν Κυβέρνησιν συγκεκριμένας προτάσεις διὰ τὴν ἀναδιοργάνωσιν τῶν ἀεροπορικῶν συγκοινωνιῶν.

ΤΕΛΟΣ ΕΠΙ ΤΩΝ ΕΙΣΙΤΗΡΙΩΝ ΤΩΝ ΛΕΩΦΟΡΕΙΩΝ ΥΠΕΡ ΤΗΣ ΟΔΟΠΟΙΙΑΣ

Κατόπιν ἀποφάσεως τοῦ ὑπουργείου Συγκοινωνιῶν, ἐπιβάλλεται τέλος ἐπὶ τῶν εἰσιτηρίων τῶν λεωφορείων τῆς πρωτευούσης, τὸ προϊὸν τοῦ ὁποίου θὰ διατεθῇ διὰ τὴν ὁδοποιίαν.

Κατόπιν ἀποφάσεως τοῦ ὑπουργείου Συγκοινωνιῶν, ἐπιβάλλεται τέλος ἐπὶ τῶν εἰσιτηρίων τῶν λεωφορείων τῆς πρωτευούσης, τὸ προϊὸν τοῦ ὁποίου θὰ διατεθῇ διὰ τὴν ὁδοποιίαν.

ΔΗΜΑΡΧΟΣ ΚΑΙ ΣΥΜΒΟΥΛΟΣ ΣΥΝΕΛΗΦΘΗΣΑΝ ΕΠ' ΑΥΤΟΦΩΡΩ

Κατόπιν ἀποφάσεως τοῦ ὑπουργείου Συγκοινωνιῶν, ἐπιβάλλεται τέλος ἐπὶ τῶν εἰσιτηρίων τῶν λεωφορείων τῆς πρωτευούσης, τὸ προϊὸν τοῦ ὁποίου θὰ διατεθῇ διὰ τὴν ὁδοποιίαν.

Κατόπιν ἀποφάσεως τοῦ ὑπουργείου Συγκοινωνιῶν, ἐπιβάλλεται τέλος ἐπὶ τῶν εἰσιτηρίων τῶν λεωφορείων τῆς πρωτευούσης, τὸ προϊὸν τοῦ ὁποίου θὰ διατεθῇ διὰ τὴν ὁδοποιίαν.

Ο κ. ΤΣΑΛΔΑΡΗΣ ΕΠΑΝΗΛΘΕΝ ΕΚ ΤΩΝ ΗΠΑ

Κατόπιν ἀποφάσεως τοῦ ὑπουργείου Συγκοινωνιῶν, ἐπιβάλλεται τέλος ἐπὶ τῶν εἰσιτηρίων τῶν λεωφορείων τῆς πρωτευούσης, τὸ προϊὸν τοῦ ὁποίου θὰ διατεθῇ διὰ τὴν ὁδοποιίαν.

ΤΑ ΕΙΣΙΤΗΡΙΑ ΤΗΣ ΑΚΤΟΠΛΟΪΚΗΣ

Κατόπιν ἀποφάσεως τοῦ ὑπουργείου Συγκοινωνιῶν, ἐπιβάλλεται τέλος ἐπὶ τῶν εἰσιτηρίων τῶν λεωφορείων τῆς πρωτευούσης, τὸ προϊὸν τοῦ ὁποίου θὰ διατεθῇ διὰ τὴν ὁδοποιίαν.

Η ΑΜΝΗΣΤΕΥΣΙΣ ΤΩΝ ΜΑΧΗΤΩΝ ΤΗΣ ΑΠΟΥΣΙΑΣ ΜΕΛΛΗΤΗΣ ΕΚΛΟΓΩΝ

Κατόπιν ἀποφάσεως τοῦ ὑπουργείου Συγκοινωνιῶν, ἐπιβάλλεται τέλος ἐπὶ τῶν εἰσιτηρίων τῶν λεωφορείων τῆς πρωτευούσης, τὸ προϊὸν τοῦ ὁποίου θὰ διατεθῇ διὰ τὴν ὁδοποιίαν.

Κατόπιν ἀποφάσεως τοῦ ὑπουργείου Συγκοινωνιῶν, ἐπιβάλλεται τέλος ἐπὶ τῶν εἰσιτηρίων τῶν λεωφορείων τῆς πρωτευούσης, τὸ προϊὸν τοῦ ὁποίου θὰ διατεθῇ διὰ τὴν ὁδοποιίαν.

ΓΡΑΜΜΟΦΩΝΟΝ ΔΩΡΟΝ ΤΟΥ ΑΝΤΑΚΛΟΥ ΠΡΟΣ ΤΟΝ ΜΠΟΥΛΓΑΝΙΝ
ΜΟΣΧΑ, 13. (Ρώυτερ)

Ὁ πρεσβευτὴς τῆς Ἑλλάδος ἐπέδωσε σήμερον εἰς τὸν Σοβιετικὸν Πρωθυπουργὸν κ. Μπουλγκάνιν ἓν γραμμόφωνον, δῶρον τοῦ Ἀντάκλου.

ΤΑ ΚΑΤΑΤΕΘΕΝΤΑ ΧΘΕΣ ΝΕΑ ΝΟΜΟΣΧΕΔΙΑ

Ὁ πρεσβευτὴς τῆς Ἑλλάδος ἐπέδωσε σήμερον εἰς τὸν Σοβιετικὸν Πρωθυπουργὸν κ. Μπουλγκάνιν ἓν γραμμόφωνον, δῶρον τοῦ Ἀντάκλου.

Η ΑΙΓΥΠΤΟΣ ΔΕΝ ΘΑ ΔΕΧΘΗ ΟΙΟΝΔΗΠΟΤΕ ΣΥΣΤΗΜΑ ΘΕΤΟΝ ΤΟ ΣΟΥΕΖ ΕΙΣ ΤΗΝ ΣΦΑΙΡΑΝ ΤΟΥ ΙΜΠΕΡΙΑΛΙΣΜΟΥ

Ὁ πρεσβευτὴς τῆς Ἑλλάδος ἐπέδωσε σήμερον εἰς τὸν Σοβιετικὸν Πρωθυπουργὸν κ. Μπουλγκάνιν ἓν γραμμόφωνον, δῶρον τοῦ Ἀντάκλου.

Ὁ πρεσβευτὴς τῆς Ἑλλάδος ἐπέδωσε σήμερον εἰς τὸν Σοβιετικὸν Πρωθυπουργὸν κ. Μπουλγκάνιν ἓν γραμμόφωνον, δῶρον τοῦ Ἀντάκλου.

ΣΧΟΛΙΑ ΤΗΣ ΜΟΣΧΑΣ

Ὁ πρεσβευτὴς τῆς Ἑλλάδος ἐπέδωσε σήμερον εἰς τὸν Σοβιετικὸν Πρωθυπουργὸν κ. Μπουλγκάνιν ἓν γραμμόφωνον, δῶρον τοῦ Ἀντάκλου.
